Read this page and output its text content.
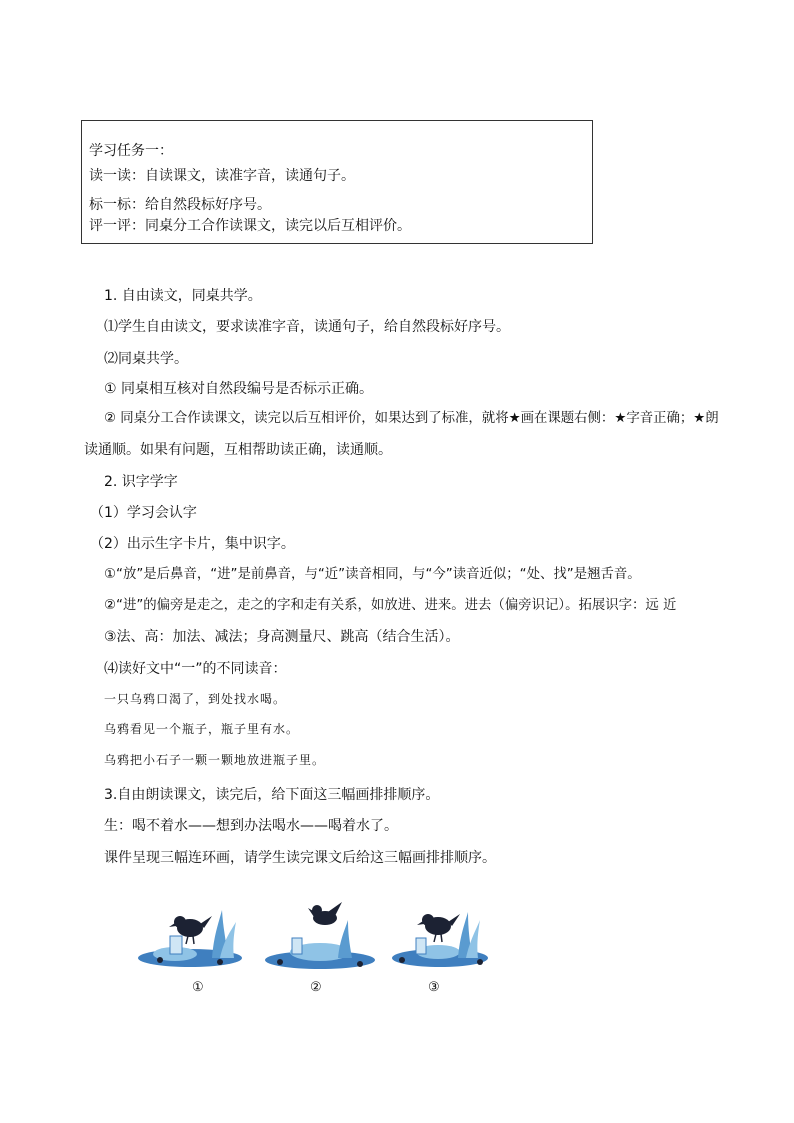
学习任务一：
读一读：自读课文，读准字音，读通句子。
标一标：给自然段标好序号。
评一评：同桌分工合作读课文，读完以后互相评价。
1. 自由读文，同桌共学。
⑴学生自由读文，要求读准字音，读通句子，给自然段标好序号。
⑵同桌共学。
① 同桌相互核对自然段编号是否标示正确。
② 同桌分工合作读课文，读完以后互相评价，如果达到了标准，就将★画在课题右侧：★字音正确；★朗
读通顺。如果有问题，互相帮助读正确，读通顺。
2. 识字学字
（1）学习会认字
（2）出示生字卡片，集中识字。
①“放”是后鼻音，“进”是前鼻音，与“近”读音相同，与“今”读音近似；“处、找”是翘舌音。
②“进”的偏旁是走之，走之的字和走有关系，如放进、进来。进去（偏旁识记）。拓展识字：远 近
③法、高：加法、减法；身高测量尺、跳高（结合生活）。
⑷读好文中“一”的不同读音：
一只乌鸦口渴了，到处找水喝。
乌鸦看见一个瓶子，瓶子里有水。
乌鸦把小石子一颗一颗地放进瓶子里。
3.自由朗读课文，读完后，给下面这三幅画排排顺序。
生：喝不着水——想到办法喝水——喝着水了。
课件呈现三幅连环画，请学生读完课文后给这三幅画排排顺序。
①	②	③
